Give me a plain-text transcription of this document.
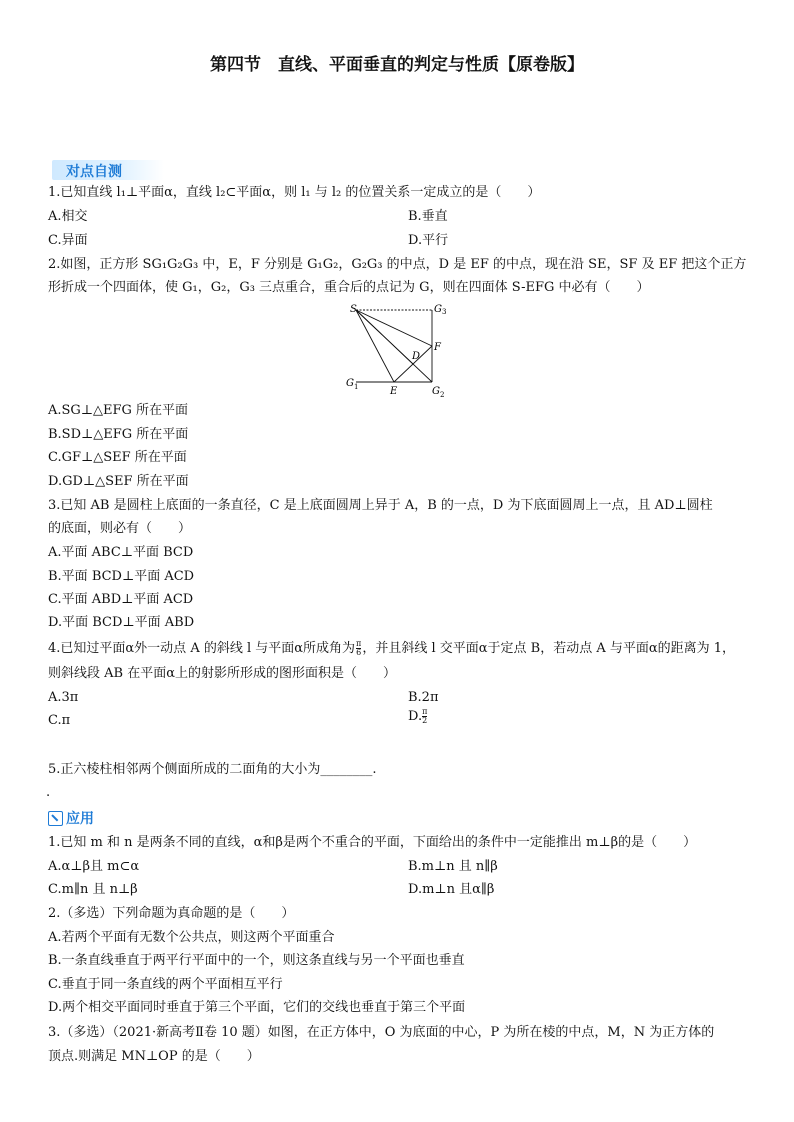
第四节　直线、平面垂直的判定与性质【原卷版】
对点自测
1.已知直线 l₁⊥平面α，直线 l₂⊂平面α，则 l₁ 与 l₂ 的位置关系一定成立的是（　　）
A.相交	B.垂直
C.异面	D.平行
2.如图，正方形 SG₁G₂G₃ 中，E，F 分别是 G₁G₂，G₂G₃ 的中点，D 是 EF 的中点，现在沿 SE，SF 及 EF 把这个正方
形折成一个四面体，使 G₁，G₂，G₃ 三点重合，重合后的点记为 G，则在四面体 S-EFG 中必有（　　）
S	G 3
F
D
G 1	E	G 2
A.SG⊥△EFG 所在平面
B.SD⊥△EFG 所在平面
C.GF⊥△SEF 所在平面
D.GD⊥△SEF 所在平面
3.已知 AB 是圆柱上底面的一条直径，C 是上底面圆周上异于 A，B 的一点，D 为下底面圆周上一点，且 AD⊥圆柱
的底面，则必有（　　）
A.平面 ABC⊥平面 BCD
B.平面 BCD⊥平面 ACD
C.平面 ABD⊥平面 ACD
D.平面 BCD⊥平面 ABD
4.已知过平面α外一动点 A 的斜线 l 与平面α所成角为 $\frac{\pi}{6}$ ，并且斜线 l 交平面α于定点 B，若动点 A 与平面α的距离为 1，
则斜线段 AB 在平面α上的射影所形成的图形面积是（　　）
A.3π	B.2π
C.π	D. $\frac{\pi}{2}$
5.正六棱柱相邻两个侧面所成的二面角的大小为________.
.
应用
1.已知 m 和 n 是两条不同的直线，α和β是两个不重合的平面，下面给出的条件中一定能推出 m⊥β的是（　　）
A.α⊥β且 m⊂α	B.m⊥n 且 n∥β
C.m∥n 且 n⊥β	D.m⊥n 且α∥β
2.（多选）下列命题为真命题的是（　　）
A.若两个平面有无数个公共点，则这两个平面重合
B.一条直线垂直于两平行平面中的一个，则这条直线与另一个平面也垂直
C.垂直于同一条直线的两个平面相互平行
D.两个相交平面同时垂直于第三个平面，它们的交线也垂直于第三个平面
3.（多选）（2021·新高考Ⅱ卷 10 题）如图，在正方体中，O 为底面的中心，P 为所在棱的中点，M，N 为正方体的
顶点.则满足 MN⊥OP 的是（　　）
